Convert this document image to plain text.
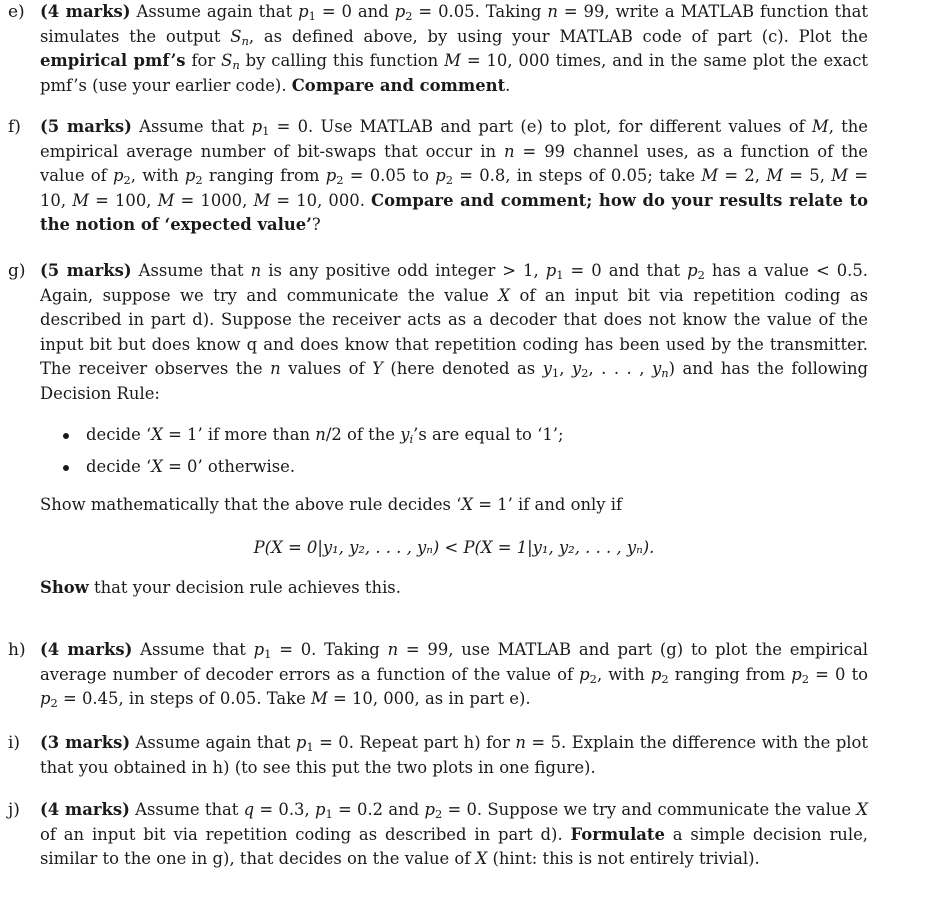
e) (4 marks) Assume again that $p_1 = 0$ and $p_2 = 0.05$. Taking n = 99, write a MATLAB function that simulates the output $S_n$, as defined above, by using your MATLAB code of part (c). Plot the empirical pmf’s for $S_n$ by calling this function M = 10, 000 times, and in the same plot the exact pmf’s (use your earlier code). Compare and comment.

f) (5 marks) Assume that $p_1 = 0$. Use MATLAB and part (e) to plot, for different values of M, the empirical average number of bit-swaps that occur in n = 99 channel uses, as a function of the value of $p_2$, with $p_2$ ranging from $p_2 = 0.05$ to $p_2 = 0.8$, in steps of 0.05; take M = 2, M = 5, M = 10, M = 100, M = 1000, M = 10, 000. Compare and comment; how do your results relate to the notion of ‘expected value’?

g) (5 marks) Assume that n is any positive odd integer > 1, $p_1 = 0$ and that $p_2$ has a value < 0.5. Again, suppose we try and communicate the value X of an input bit via repetition coding as described in part d). Suppose the receiver acts as a decoder that does not know the value of the input bit but does know q and does know that repetition coding has been used by the transmitter. The receiver observes the n values of Y (here denoted as $y_1$, $y_2$, . . . , $y_n$) and has the following Decision Rule:

decide ‘X = 1’ if more than n/2 of the $y_i’s$ are equal to ‘1’;
decide ‘X = 0’ otherwise.

Show mathematically that the above rule decides ‘X = 1’ if and only if

P(X = 0|y₁, y₂, . . . , yₙ) < P(X = 1|y₁, y₂, . . . , yₙ).

Show that your decision rule achieves this.

h) (4 marks) Assume that $p_1 = 0$. Taking n = 99, use MATLAB and part (g) to plot the empirical average number of decoder errors as a function of the value of $p_2$, with $p_2$ ranging from $p_2 = 0$ to $p_2 = 0.45$, in steps of 0.05. Take M = 10, 000, as in part e).

i) (3 marks) Assume again that $p_1 = 0$. Repeat part h) for n = 5. Explain the difference with the plot that you obtained in h) (to see this put the two plots in one figure).

j) (4 marks) Assume that q = 0.3, $p_1 = 0.2$ and $p_2 = 0$. Suppose we try and communicate the value X of an input bit via repetition coding as described in part d). Formulate a simple decision rule, similar to the one in g), that decides on the value of X (hint: this is not entirely trivial).
